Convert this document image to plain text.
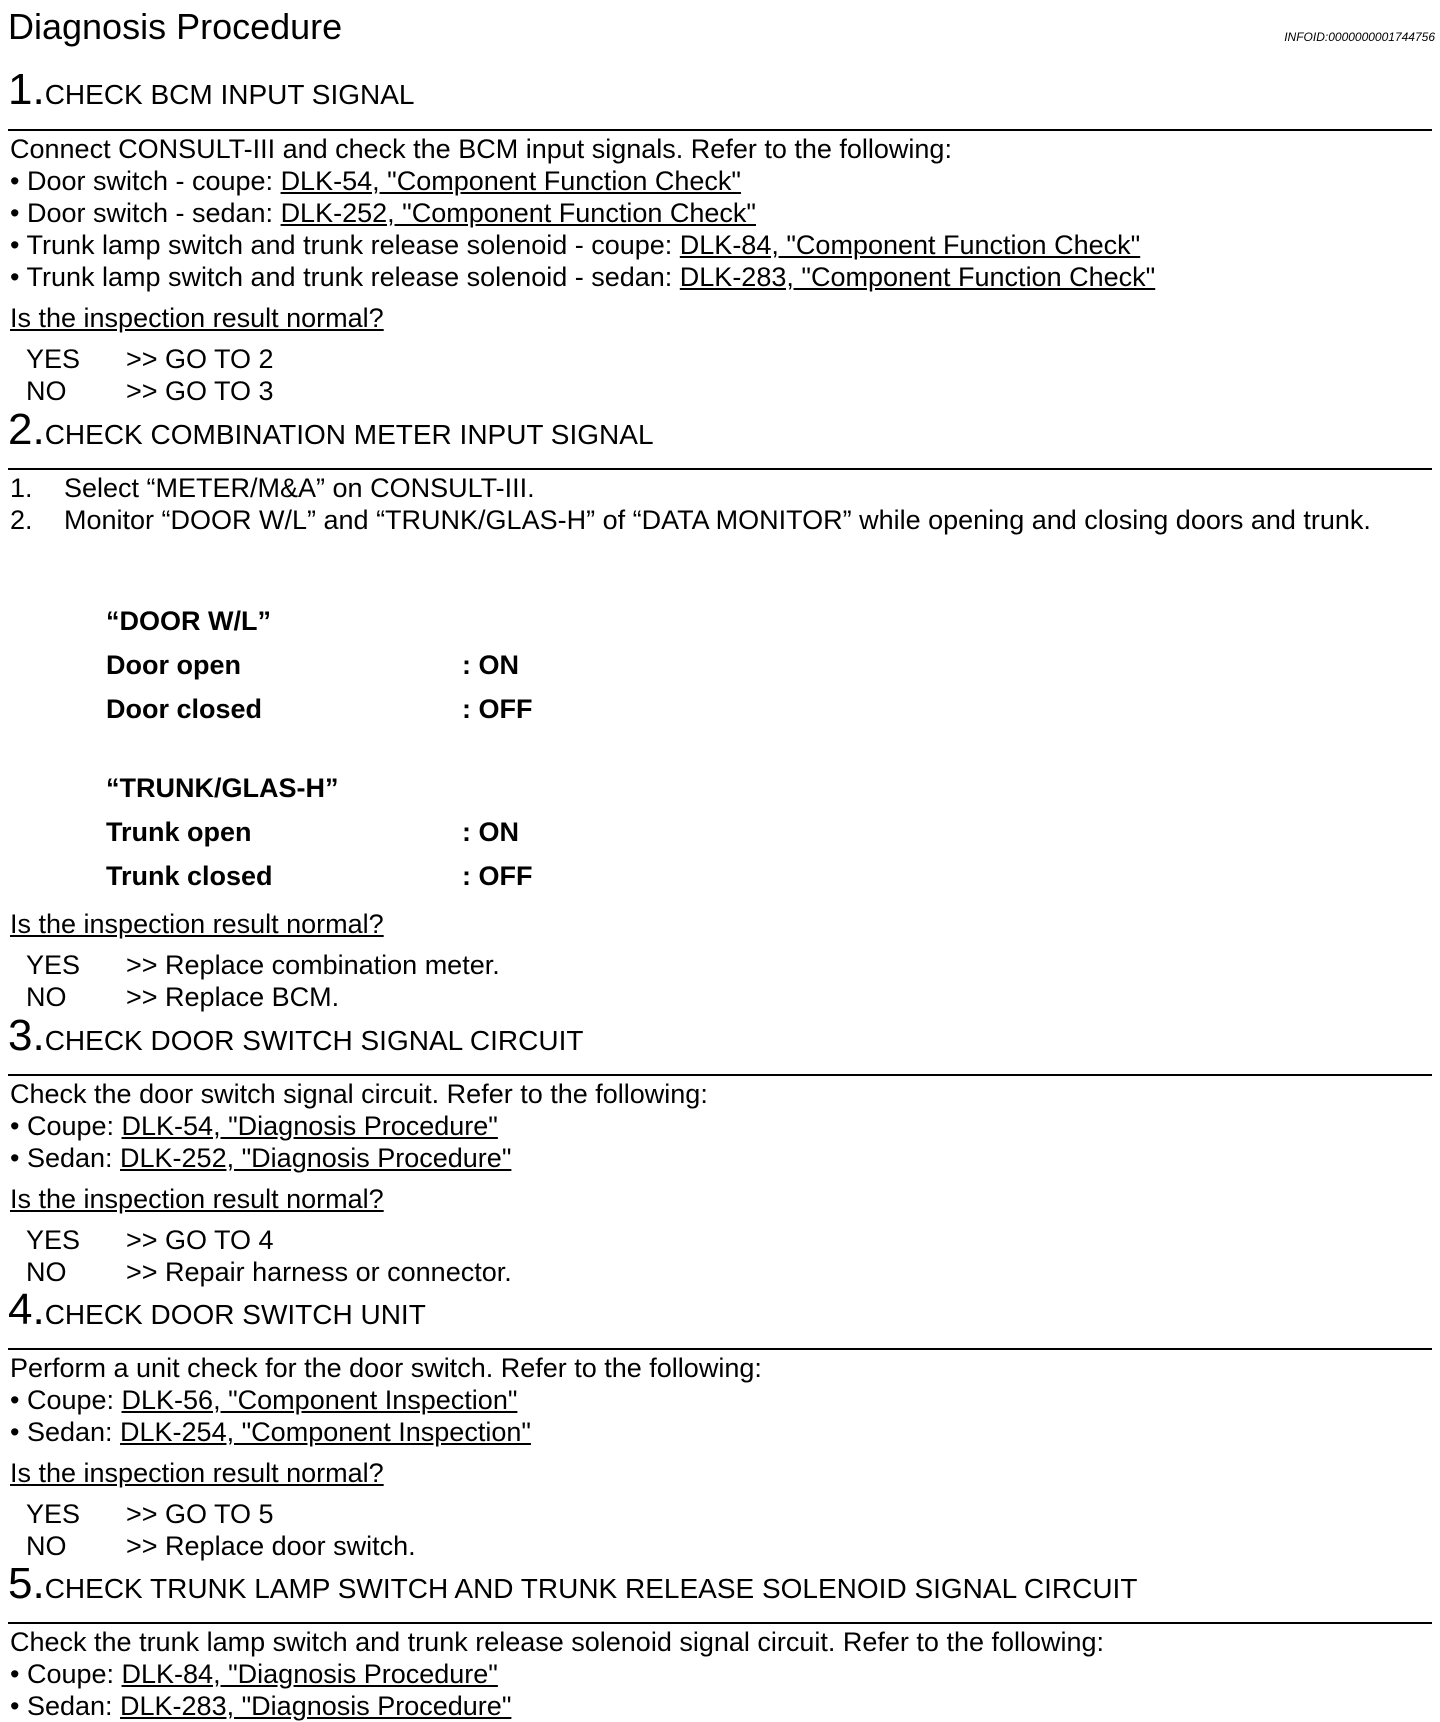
Diagnosis Procedure	INFOID:0000000001744756
1.CHECK BCM INPUT SIGNAL
Connect CONSULT-III and check the BCM input signals. Refer to the following:
• Door switch - coupe: DLK-54, "Component Function Check"
• Door switch - sedan: DLK-252, "Component Function Check"
• Trunk lamp switch and trunk release solenoid - coupe: DLK-84, "Component Function Check"
• Trunk lamp switch and trunk release solenoid - sedan: DLK-283, "Component Function Check"
Is the inspection result normal?
YES >> GO TO 2
NO >> GO TO 3
2.CHECK COMBINATION METER INPUT SIGNAL
1. Select “METER/M&A” on CONSULT-III.
2. Monitor “DOOR W/L” and “TRUNK/GLAS-H” of “DATA MONITOR” while opening and closing doors and trunk.
“DOOR W/L”
Door open	: ON
Door closed	: OFF
“TRUNK/GLAS-H”
Trunk open	: ON
Trunk closed	: OFF
Is the inspection result normal?
YES >> Replace combination meter.
NO >> Replace BCM.
3.CHECK DOOR SWITCH SIGNAL CIRCUIT
Check the door switch signal circuit. Refer to the following:
• Coupe: DLK-54, "Diagnosis Procedure"
• Sedan: DLK-252, "Diagnosis Procedure"
Is the inspection result normal?
YES >> GO TO 4
NO >> Repair harness or connector.
4.CHECK DOOR SWITCH UNIT
Perform a unit check for the door switch. Refer to the following:
• Coupe: DLK-56, "Component Inspection"
• Sedan: DLK-254, "Component Inspection"
Is the inspection result normal?
YES >> GO TO 5
NO >> Replace door switch.
5.CHECK TRUNK LAMP SWITCH AND TRUNK RELEASE SOLENOID SIGNAL CIRCUIT
Check the trunk lamp switch and trunk release solenoid signal circuit. Refer to the following:
• Coupe: DLK-84, "Diagnosis Procedure"
• Sedan: DLK-283, "Diagnosis Procedure"
